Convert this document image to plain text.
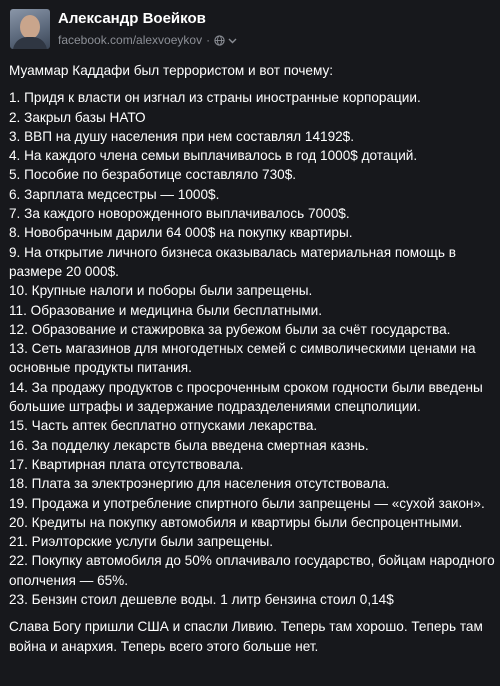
Александр Воейков
facebook.com/alexvoeykov ·

Муаммар Каддафи был террористом и вот почему:

1. Придя к власти он изгнал из страны иностранные корпорации.

2. Закрыл базы НАТО

3. ВВП на душу населения при нем составлял 14192$.

4. На каждого члена семьи выплачивалось в год 1000$ дотаций.

5. Пособие по безработице составляло 730$.

6. Зарплата медсестры — 1000$.

7. За каждого новорожденного выплачивалось 7000$.

8. Новобрачным дарили 64 000$ на покупку квартиры.

9. На открытие личного бизнеса оказывалась материальная помощь в размере 20 000$.

10. Крупные налоги и поборы были запрещены.

11. Образование и медицина были бесплатными.

12. Образование и стажировка за рубежом были за счёт государства.

13. Сеть магазинов для многодетных семей с символическими ценами на основные продукты питания.

14. За продажу продуктов с просроченным сроком годности были введены большие штрафы и задержание подразделениями спецполиции.

15. Часть аптек бесплатно отпусками лекарства.

16. За подделку лекарств была введена смертная казнь.

17. Квартирная плата отсутствовала.

18. Плата за электроэнергию для населения отсутствовала.

19. Продажа и употребление спиртного были запрещены — «сухой закон».

20. Кредиты на покупку автомобиля и квартиры были беспроцентными.

21. Риэлторские услуги были запрещены.

22. Покупку автомобиля до 50% оплачивало государство, бойцам народного ополчения — 65%.

23. Бензин стоил дешевле воды. 1 литр бензина стоил 0,14$

Слава Богу пришли США и спасли Ливию. Теперь там хорошо. Теперь там война и анархия. Теперь всего этого больше нет.
